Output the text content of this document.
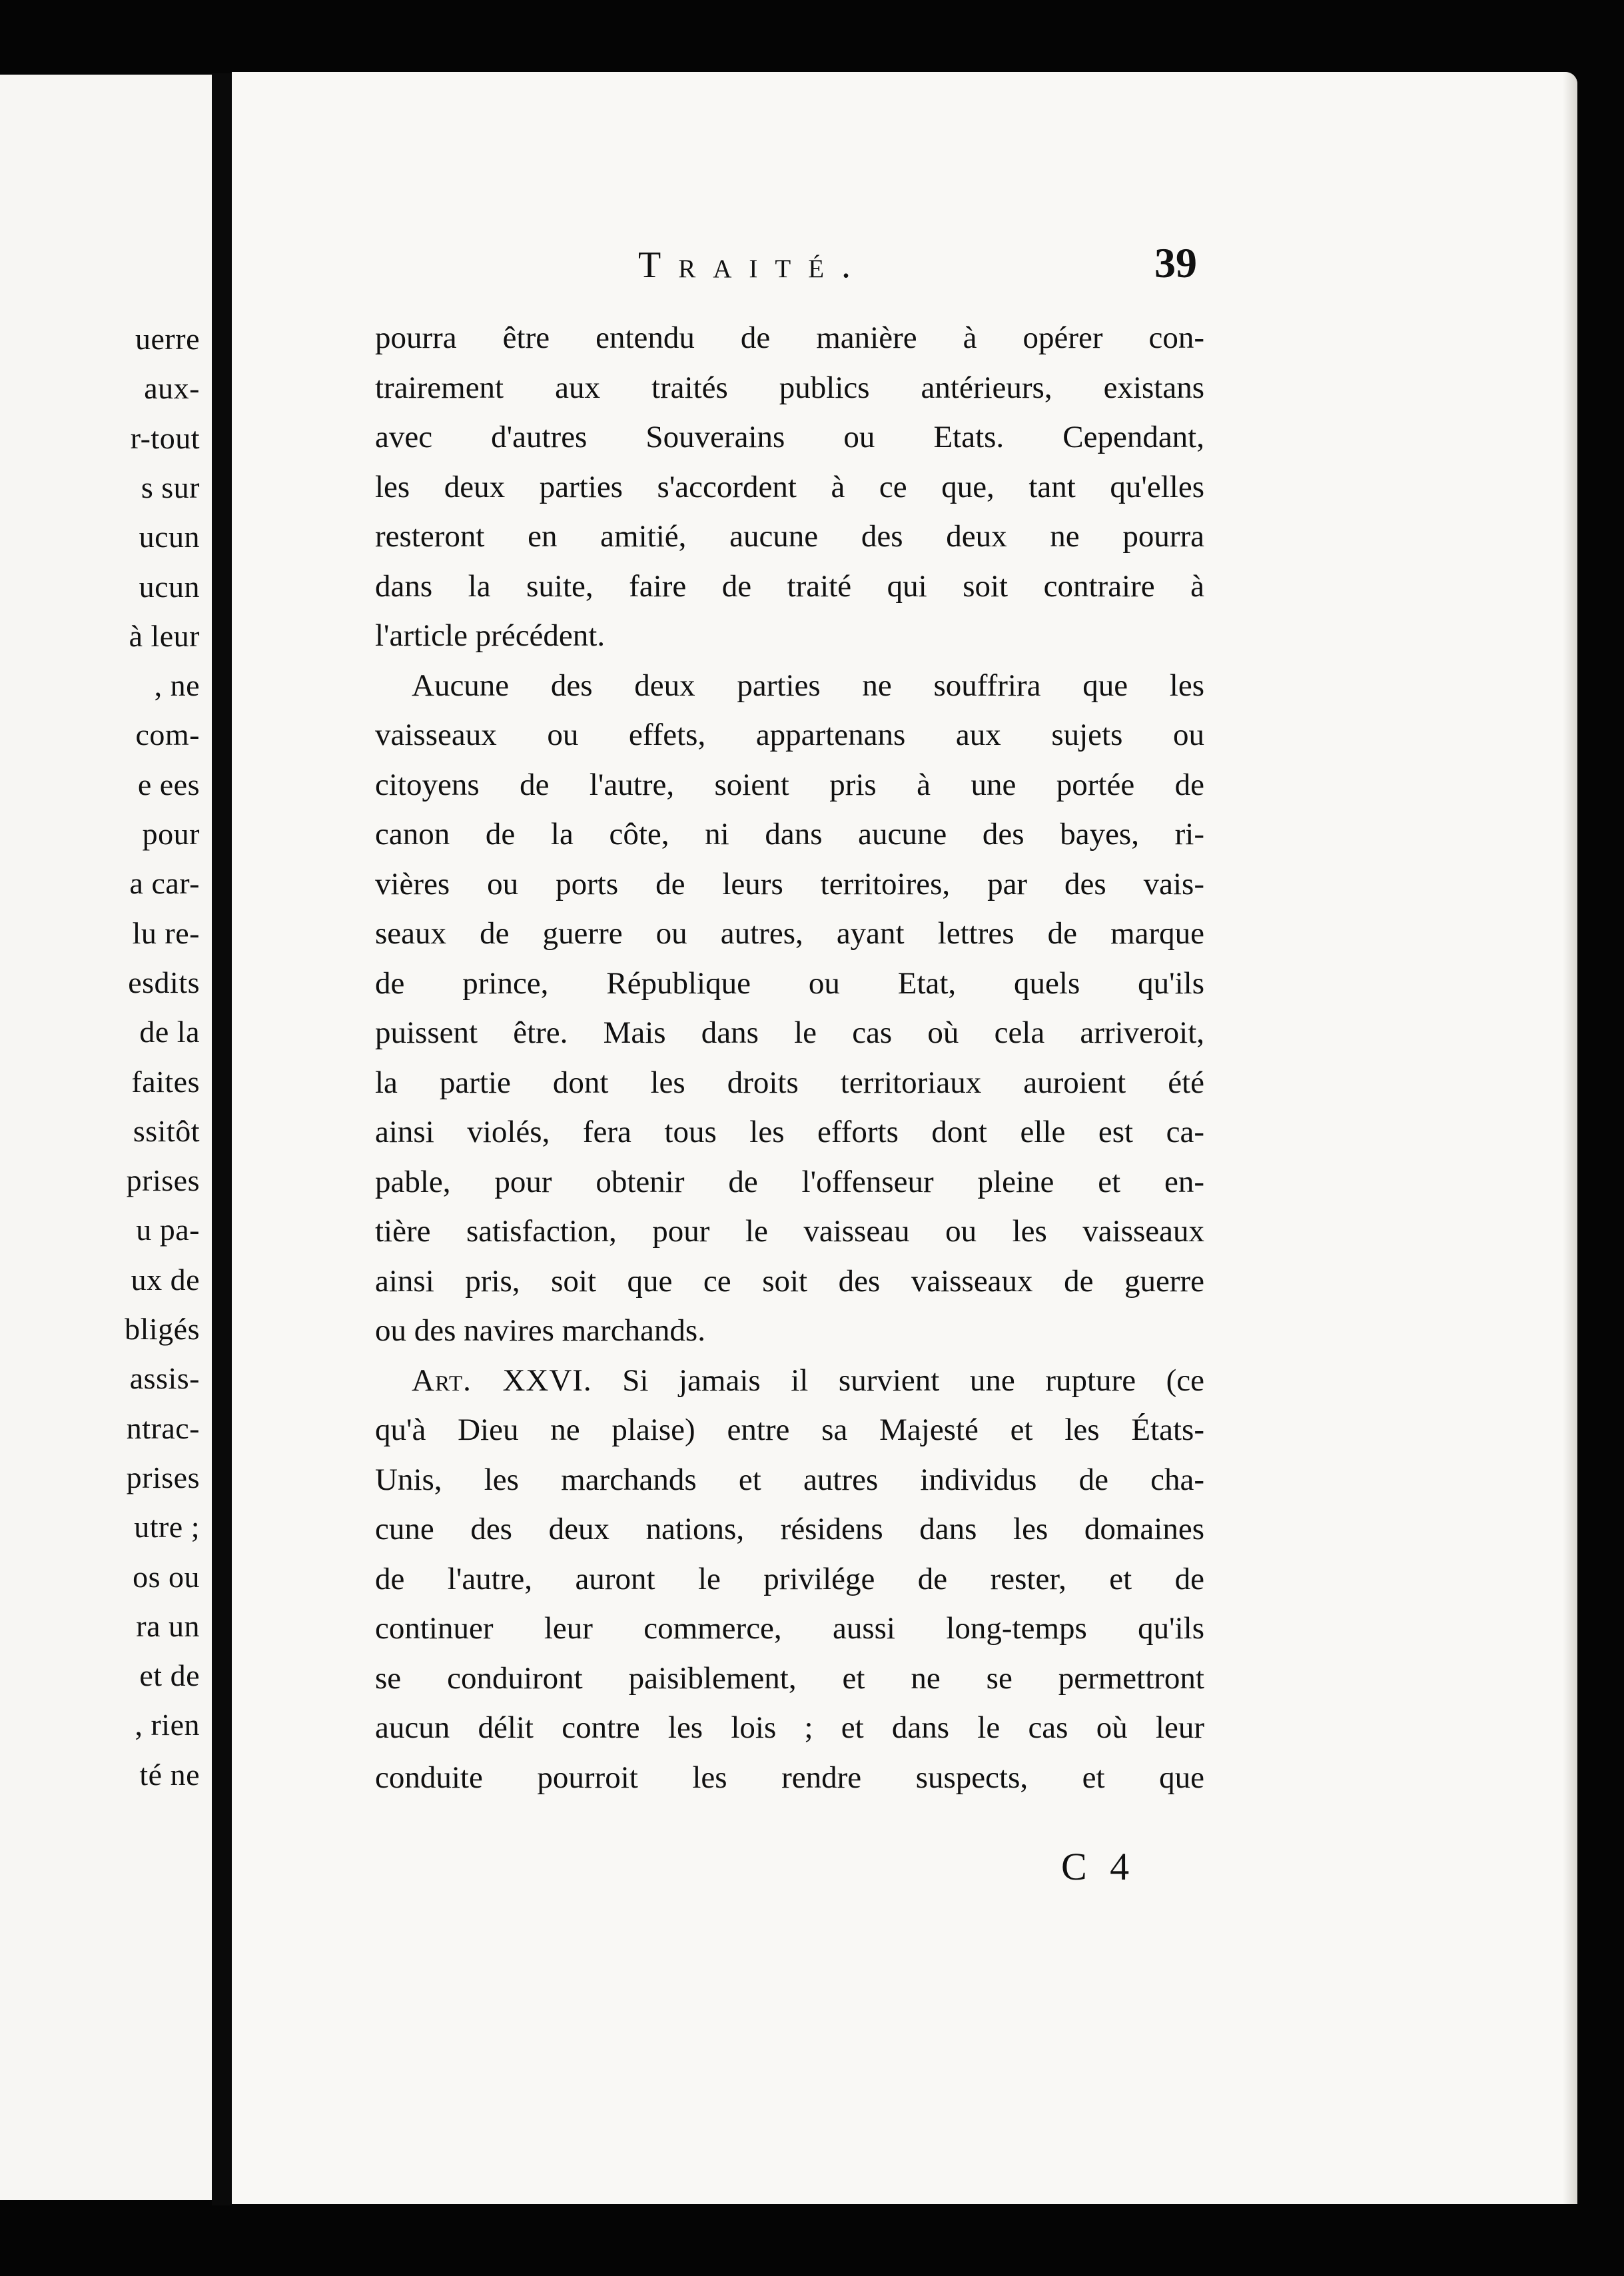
uerre
aux-
r-tout
s sur
ucun
ucun
à leur
, ne
com-
e ees
pour
a car-
lu re-
esdits
de la
faites
ssitôt
prises
u pa-
ux de
bligés
assis-
ntrac-
prises
utre ;
os ou
ra un
et de
, rien
té ne
Traité.	39
pourra être entendu de manière à opérer con-
trairement aux traités publics antérieurs, existans
avec d'autres Souverains ou Etats. Cependant,
les deux parties s'accordent à ce que, tant qu'elles
resteront en amitié, aucune des deux ne pourra
dans la suite, faire de traité qui soit contraire à
l'article précédent.
Aucune des deux parties ne souffrira que les
vaisseaux ou effets, appartenans aux sujets ou
citoyens de l'autre, soient pris à une portée de
canon de la côte, ni dans aucune des bayes, ri-
vières ou ports de leurs territoires, par des vais-
seaux de guerre ou autres, ayant lettres de marque
de prince, République ou Etat, quels qu'ils
puissent être. Mais dans le cas où cela arriveroit,
la partie dont les droits territoriaux auroient été
ainsi violés, fera tous les efforts dont elle est ca-
pable, pour obtenir de l'offenseur pleine et en-
tière satisfaction, pour le vaisseau ou les vaisseaux
ainsi pris, soit que ce soit des vaisseaux de guerre
ou des navires marchands.
Art. XXVI. Si jamais il survient une rupture (ce
qu'à Dieu ne plaise) entre sa Majesté et les États-
Unis, les marchands et autres individus de cha-
cune des deux nations, résidens dans les domaines
de l'autre, auront le privilége de rester, et de
continuer leur commerce, aussi long-temps qu'ils
se conduiront paisiblement, et ne se permettront
aucun délit contre les lois ; et dans le cas où leur
conduite pourroit les rendre suspects, et que
C 4
